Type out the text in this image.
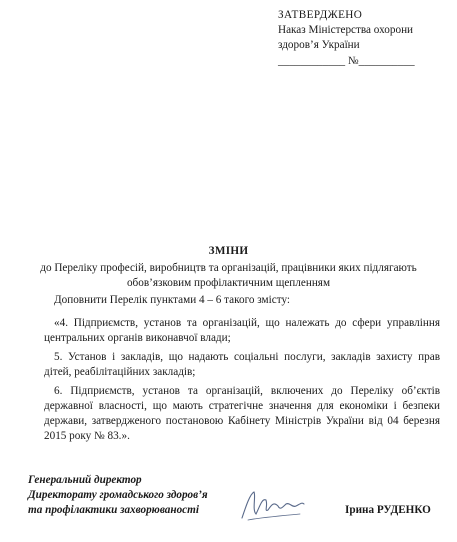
ЗАТВЕРДЖЕНО
Наказ Міністерства охорони
здоров’я України
____________ №__________
ЗМІНИ
до Переліку професій, виробництв та організацій, працівники яких підлягають
обов’язковим профілактичним щепленням

Доповнити Перелік пунктами 4 – 6 такого змісту:

«4. Підприємств, установ та організацій, що належать до сфери управління центральних органів виконавчої влади;

5. Установ і закладів, що надають соціальні послуги, закладів захисту прав дітей, реабілітаційних закладів;

6. Підприємств, установ та організацій, включених до Переліку об’єктів державної власності, що мають стратегічне значення для економіки і безпеки держави, затвердженого постановою Кабінету Міністрів України від 04 березня 2015 року № 83.».

Генеральний директор
Директорату громадського здоров’я
та профілактики захворюваності	Ірина РУДЕНКО
